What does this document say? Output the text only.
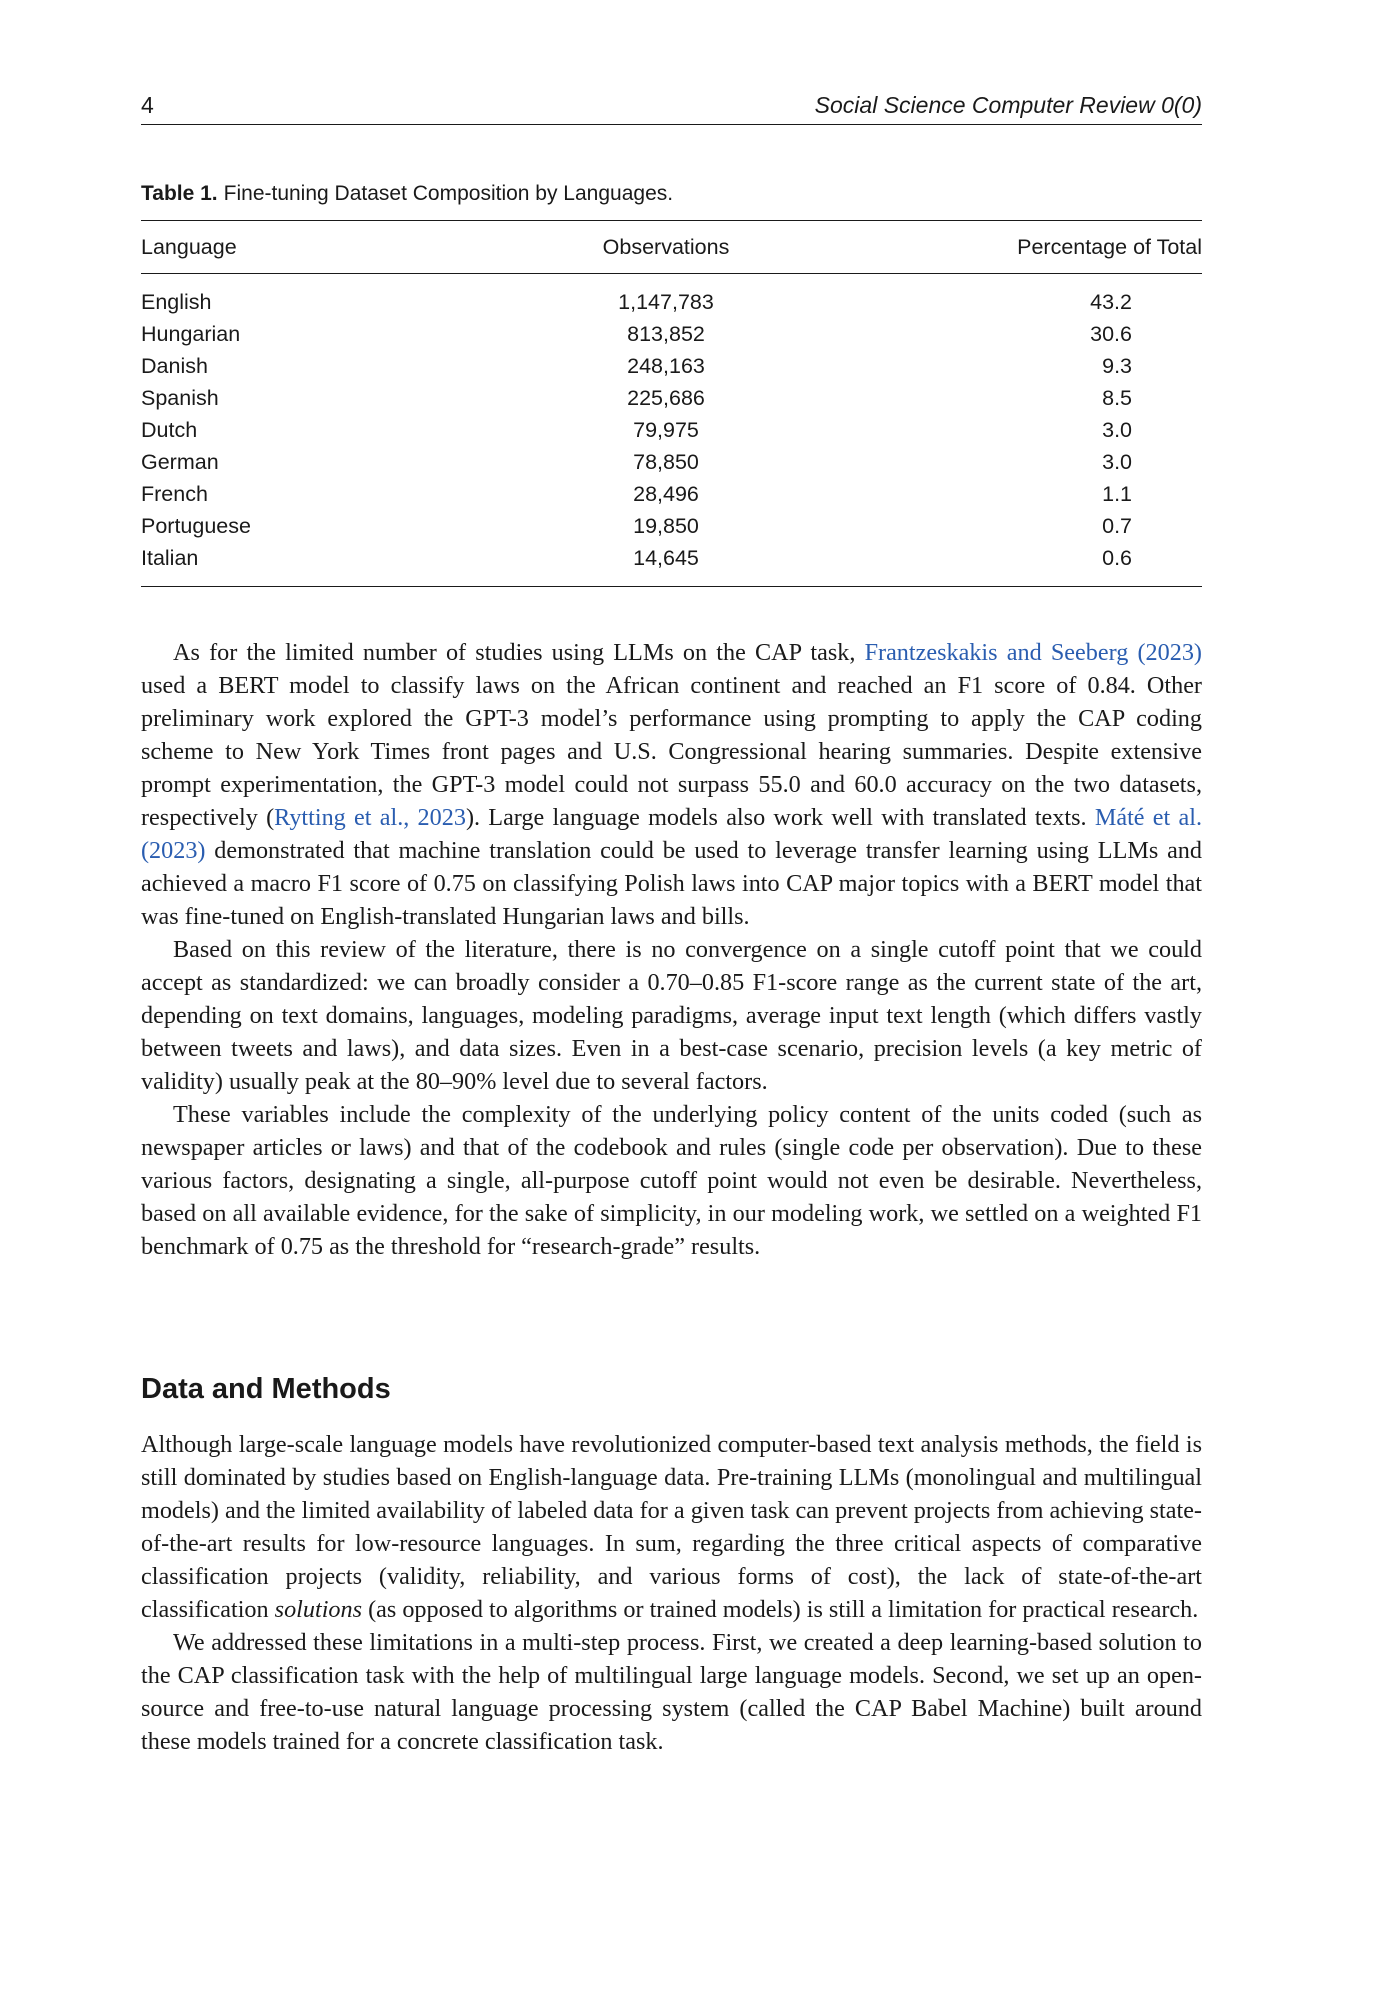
4	Social Science Computer Review 0(0)
Table 1. Fine-tuning Dataset Composition by Languages.
Language	Observations	Percentage of Total
English	1,147,783	43.2
Hungarian	813,852	30.6
Danish	248,163	9.3
Spanish	225,686	8.5
Dutch	79,975	3.0
German	78,850	3.0
French	28,496	1.1
Portuguese	19,850	0.7
Italian	14,645	0.6

As for the limited number of studies using LLMs on the CAP task, Frantzeskakis and Seeberg (2023) used a BERT model to classify laws on the African continent and reached an F1 score of 0.84. Other preliminary work explored the GPT-3 model’s performance using prompting to apply the CAP coding scheme to New York Times front pages and U.S. Congressional hearing summaries. Despite extensive prompt experimentation, the GPT-3 model could not surpass 55.0 and 60.0 accuracy on the two datasets, respectively (Rytting et al., 2023). Large language models also work well with translated texts. Máté et al. (2023) demonstrated that machine translation could be used to leverage transfer learning using LLMs and achieved a macro F1 score of 0.75 on classifying Polish laws into CAP major topics with a BERT model that was fine-tuned on English-translated Hungarian laws and bills.

Based on this review of the literature, there is no convergence on a single cutoff point that we could accept as standardized: we can broadly consider a 0.70–0.85 F1-score range as the current state of the art, depending on text domains, languages, modeling paradigms, average input text length (which differs vastly between tweets and laws), and data sizes. Even in a best-case scenario, precision levels (a key metric of validity) usually peak at the 80–90% level due to several factors.

These variables include the complexity of the underlying policy content of the units coded (such as newspaper articles or laws) and that of the codebook and rules (single code per observation). Due to these various factors, designating a single, all-purpose cutoff point would not even be desirable. Nevertheless, based on all available evidence, for the sake of simplicity, in our modeling work, we settled on a weighted F1 benchmark of 0.75 as the threshold for “research-grade” results.

Data and Methods

Although large-scale language models have revolutionized computer-based text analysis methods, the field is still dominated by studies based on English-language data. Pre-training LLMs (monolingual and multilingual models) and the limited availability of labeled data for a given task can prevent projects from achieving state-of-the-art results for low-resource languages. In sum, regarding the three critical aspects of comparative classification projects (validity, reliability, and various forms of cost), the lack of state-of-the-art classification solutions (as opposed to algorithms or trained models) is still a limitation for practical research.

We addressed these limitations in a multi-step process. First, we created a deep learning-based solution to the CAP classification task with the help of multilingual large language models. Second, we set up an open-source and free-to-use natural language processing system (called the CAP Babel Machine) built around these models trained for a concrete classification task.
